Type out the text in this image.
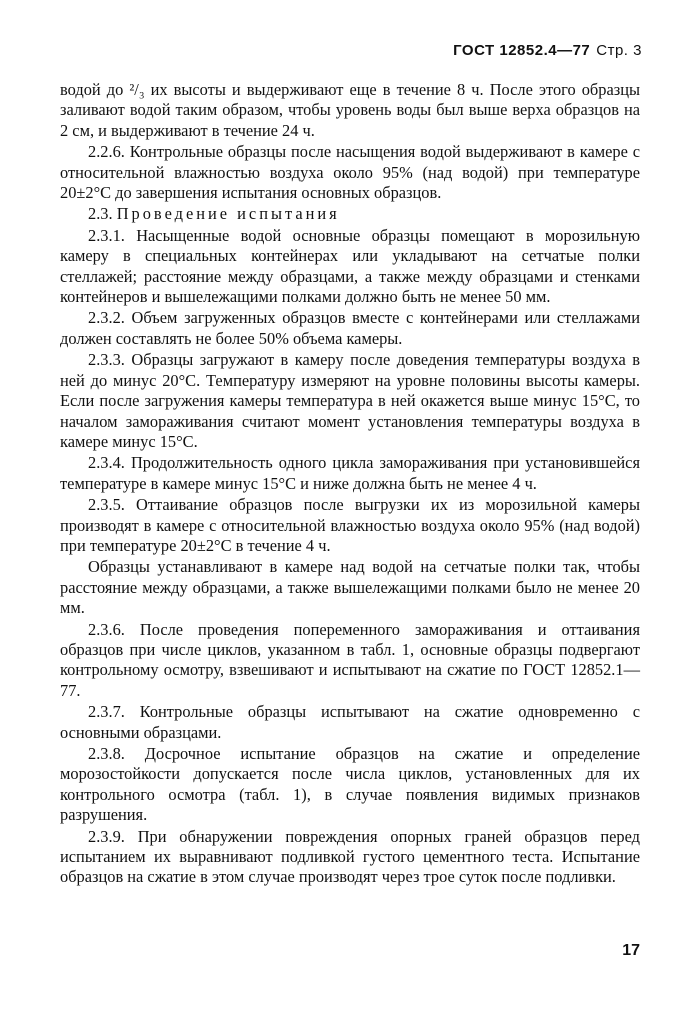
ГОСТ 12852.4—77 Стр. 3

водой до ²/₃ их высоты и выдерживают еще в течение 8 ч. После этого образцы заливают водой таким образом, чтобы уровень воды был выше верха образцов на 2 см, и выдерживают в течение 24 ч.

2.2.6. Контрольные образцы после насыщения водой выдерживают в камере с относительной влажностью воздуха около 95% (над водой) при температуре 20±2°С до завершения испытания основных образцов.

2.3. Проведение испытания

2.3.1. Насыщенные водой основные образцы помещают в морозильную камеру в специальных контейнерах или укладывают на сетчатые полки стеллажей; расстояние между образцами, а также между образцами и стенками контейнеров и вышележащими полками должно быть не менее 50 мм.

2.3.2. Объем загруженных образцов вместе с контейнерами или стеллажами должен составлять не более 50% объема камеры.

2.3.3. Образцы загружают в камеру после доведения температуры воздуха в ней до минус 20°С. Температуру измеряют на уровне половины высоты камеры. Если после загружения камеры температура в ней окажется выше минус 15°С, то началом замораживания считают момент установления температуры воздуха в камере минус 15°С.

2.3.4. Продолжительность одного цикла замораживания при установившейся температуре в камере минус 15°С и ниже должна быть не менее 4 ч.

2.3.5. Оттаивание образцов после выгрузки их из морозильной камеры производят в камере с относительной влажностью воздуха около 95% (над водой) при температуре 20±2°С в течение 4 ч.

Образцы устанавливают в камере над водой на сетчатые полки так, чтобы расстояние между образцами, а также вышележащими полками было не менее 20 мм.

2.3.6. После проведения попеременного замораживания и оттаивания образцов при числе циклов, указанном в табл. 1, основные образцы подвергают контрольному осмотру, взвешивают и испытывают на сжатие по ГОСТ 12852.1—77.

2.3.7. Контрольные образцы испытывают на сжатие одновременно с основными образцами.

2.3.8. Досрочное испытание образцов на сжатие и определение морозостойкости допускается после числа циклов, установленных для их контрольного осмотра (табл. 1), в случае появления видимых признаков разрушения.

2.3.9. При обнаружении повреждения опорных граней образцов перед испытанием их выравнивают подливкой густого цементного теста. Испытание образцов на сжатие в этом случае производят через трое суток после подливки.

17
